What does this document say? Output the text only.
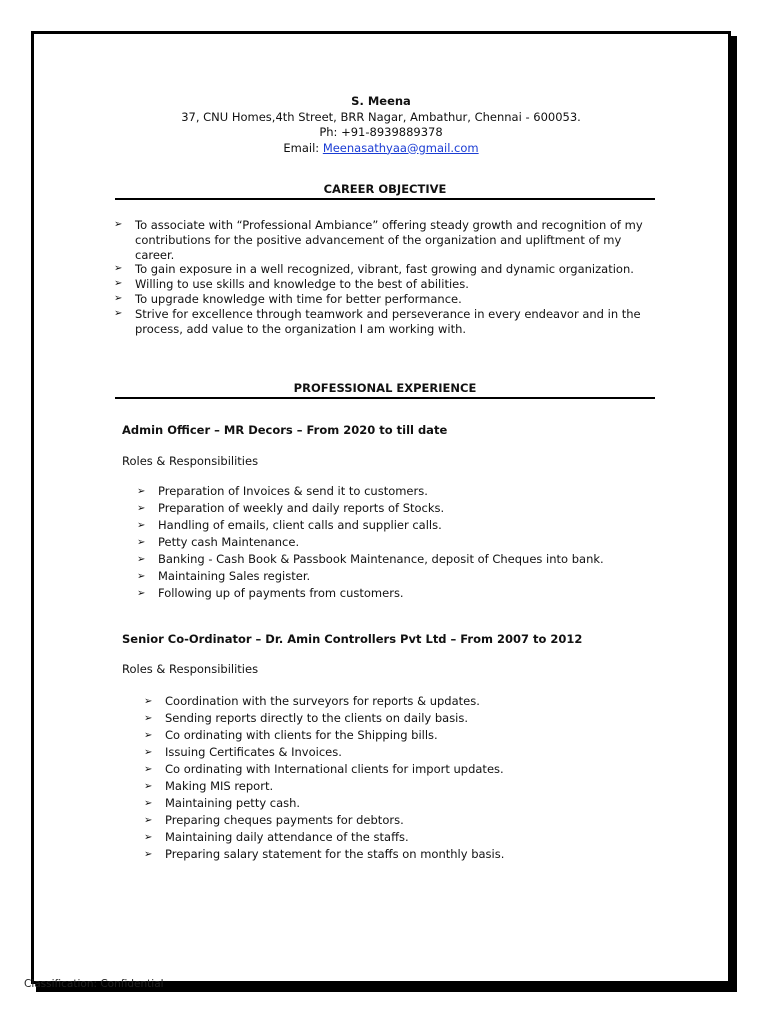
S. Meena
37, CNU Homes,4th Street, BRR Nagar, Ambathur, Chennai - 600053.
Ph: +91-8939889378
Email: Meenasathyaa@gmail.com
CAREER OBJECTIVE
➢ To associate with “Professional Ambiance” offering steady growth and recognition of my contributions for the positive advancement of the organization and upliftment of my career.
➢ To gain exposure in a well recognized, vibrant, fast growing and dynamic organization.
➢ Willing to use skills and knowledge to the best of abilities.
➢ To upgrade knowledge with time for better performance.
➢ Strive for excellence through teamwork and perseverance in every endeavor and in the process, add value to the organization I am working with.
PROFESSIONAL EXPERIENCE
Admin Officer – MR Decors – From 2020 to till date
Roles & Responsibilities
➢ Preparation of Invoices & send it to customers.
➢ Preparation of weekly and daily reports of Stocks.
➢ Handling of emails, client calls and supplier calls.
➢ Petty cash Maintenance.
➢ Banking - Cash Book & Passbook Maintenance, deposit of Cheques into bank.
➢ Maintaining Sales register.
➢ Following up of payments from customers.
Senior Co-Ordinator – Dr. Amin Controllers Pvt Ltd – From 2007 to 2012
Roles & Responsibilities
➢ Coordination with the surveyors for reports & updates.
➢ Sending reports directly to the clients on daily basis.
➢ Co ordinating with clients for the Shipping bills.
➢ Issuing Certificates & Invoices.
➢ Co ordinating with International clients for import updates.
➢ Making MIS report.
➢ Maintaining petty cash.
➢ Preparing cheques payments for debtors.
➢ Maintaining daily attendance of the staffs.
➢ Preparing salary statement for the staffs on monthly basis.
Classification: Confidential
